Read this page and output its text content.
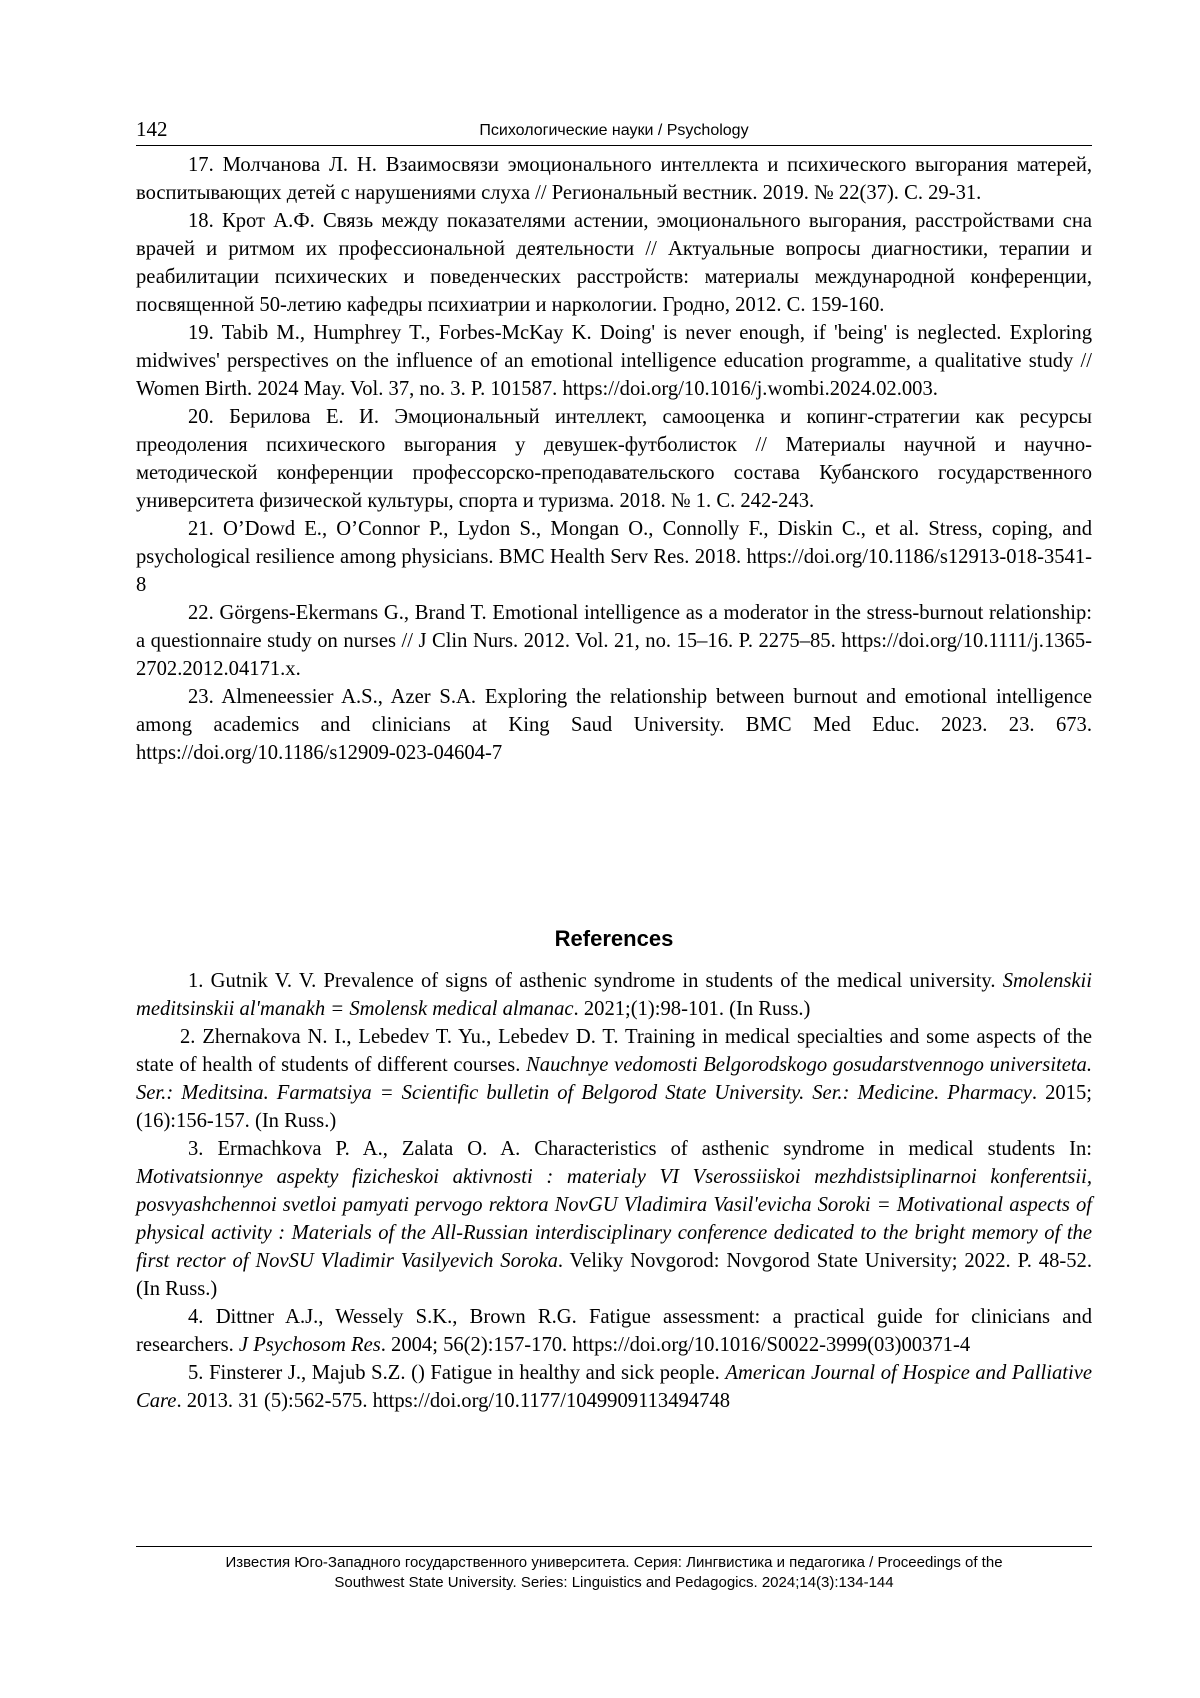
142	Психологические науки / Psychology

17. Молчанова Л. Н. Взаимосвязи эмоционального интеллекта и психического выгорания матерей, воспитывающих детей с нарушениями слуха // Региональный вестник. 2019. № 22(37). С. 29-31.

18. Крот А.Ф. Связь между показателями астении, эмоционального выгорания, расстройствами сна врачей и ритмом их профессиональной деятельности // Актуальные вопросы диагностики, терапии и реабилитации психических и поведенческих расстройств: материалы международной конференции, посвященной 50-летию кафедры психиатрии и наркологии. Гродно, 2012. С. 159-160.

19. Tabib M., Humphrey T., Forbes-McKay K. Doing' is never enough, if 'being' is neglected. Exploring midwives' perspectives on the influence of an emotional intelligence education programme, a qualitative study // Women Birth. 2024 May. Vol. 37, no. 3. P. 101587. https://doi.org/10.1016/j.wombi.2024.02.003.

20. Берилова Е. И. Эмоциональный интеллект, самооценка и копинг-стратегии как ресурсы преодоления психического выгорания у девушек-футболисток // Материалы научной и научно-методической конференции профессорско-преподавательского состава Кубанского государственного университета физической культуры, спорта и туризма. 2018. № 1. С. 242-243.

21. O’Dowd E., O’Connor P., Lydon S., Mongan O., Connolly F., Diskin C., et al. Stress, coping, and psychological resilience among physicians. BMC Health Serv Res. 2018. https://doi.org/10.1186/s12913-018-3541-8

22. Görgens-Ekermans G., Brand T. Emotional intelligence as a moderator in the stress-burnout relationship: a questionnaire study on nurses // J Clin Nurs. 2012. Vol. 21, no. 15–16. P. 2275–85. https://doi.org/10.1111/j.1365-2702.2012.04171.x.

23. Almeneessier A.S., Azer S.A. Exploring the relationship between burnout and emotional intelligence among academics and clinicians at King Saud University. BMC Med Educ. 2023. 23. 673. https://doi.org/10.1186/s12909-023-04604-7

References

1. Gutnik V. V. Prevalence of signs of asthenic syndrome in students of the medical university. Smolenskii meditsinskii al'manakh = Smolensk medical almanac. 2021;(1):98-101. (In Russ.)

2. Zhernakova N. I., Lebedev T. Yu., Lebedev D. T. Training in medical specialties and some aspects of the state of health of students of different courses. Nauchnye vedomosti Belgorodskogo gosudarstvennogo universiteta. Ser.: Meditsina. Farmatsiya = Scientific bulletin of Belgorod State University. Ser.: Medicine. Pharmacy. 2015;(16):156-157. (In Russ.)

3. Ermachkova P. A., Zalata O. A. Characteristics of asthenic syndrome in medical students In: Motivatsionnye aspekty fizicheskoi aktivnosti : materialy VI Vserossiiskoi mezhdistsiplinarnoi konferentsii, posvyashchennoi svetloi pamyati pervogo rektora NovGU Vladimira Vasil'evicha Soroki = Motivational aspects of physical activity : Materials of the All-Russian interdisciplinary conference dedicated to the bright memory of the first rector of NovSU Vladimir Vasilyevich Soroka. Veliky Novgorod: Novgorod State University; 2022. P. 48-52. (In Russ.)

4. Dittner A.J., Wessely S.K., Brown R.G. Fatigue assessment: a practical guide for clinicians and researchers. J Psychosom Res. 2004; 56(2):157-170. https://doi.org/10.1016/S0022-3999(03)00371-4

5. Finsterer J., Majub S.Z. () Fatigue in healthy and sick people. American Journal of Hospice and Palliative Care. 2013. 31 (5):562-575. https://doi.org/10.1177/1049909113494748

Известия Юго-Западного государственного университета. Серия: Лингвистика и педагогика / Proceedings of the
Southwest State University. Series: Linguistics and Pedagogics. 2024;14(3):134-144
